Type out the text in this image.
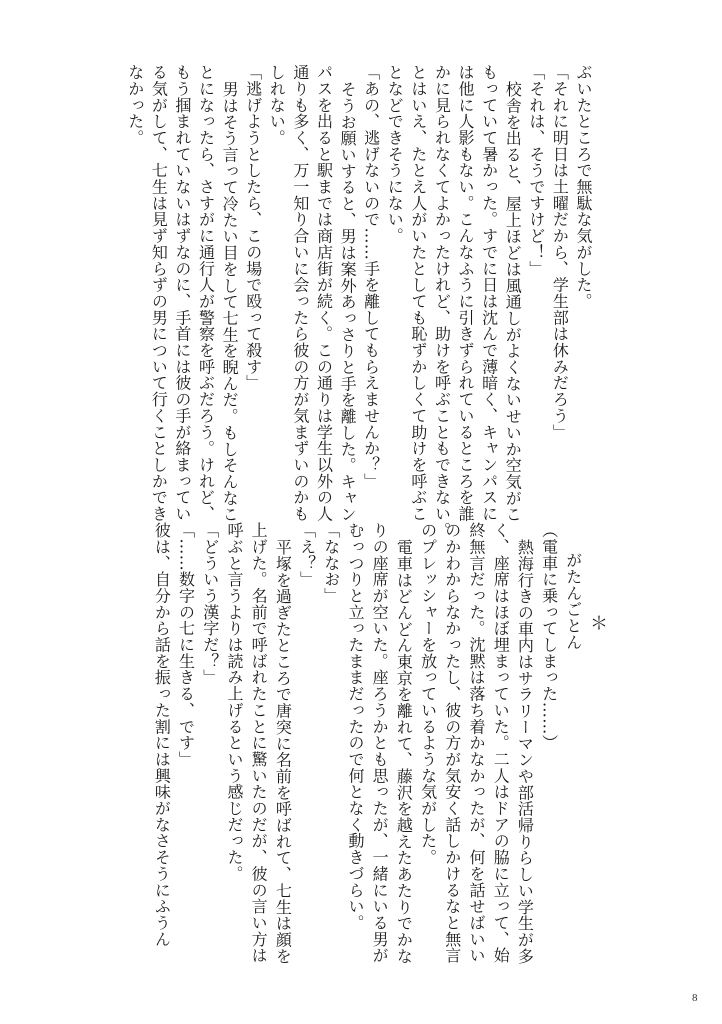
ぶいたところで無駄な気がした。
「それに明日は土曜だから、学生部は休みだろう」
「それは、そうですけど！」
校舎を出ると、屋上ほどは風通しがよくないせいか空気がこ
もっていて暑かった。すでに日は沈んで薄暗く、キャンパスに
は他に人影もない。こんなふうに引きずられているところを誰
かに見られなくてよかったけれど、助けを呼ぶこともできない。
とはいえ、たとえ人がいたとしても恥ずかしくて助けを呼ぶこ
となどできそうにない。
「あの、逃げないので……手を離してもらえませんか？」
そうお願いすると、男は案外あっさりと手を離した。キャン
パスを出ると駅までは商店街が続く。この通りは学生以外の人
通りも多く、万一知り合いに会ったら彼の方が気まずいのかも
しれない。
「逃げようとしたら、この場で殴って殺す」
男はそう言って冷たい目をして七生を睨んだ。もしそんなこ
とになったら、さすがに通行人が警察を呼ぶだろう。けれど、
もう掴まれていないはずなのに、手首には彼の手が絡まってい
る気がして、七生は見ず知らずの男について行くことしかでき
なかった。
＊
がたんごとん
（電車に乗ってしまった……）
熱海行きの車内はサラリーマンや部活帰りらしい学生が多
く、座席はほぼ埋まっていた。二人はドアの脇に立って、始
終無言だった。沈黙は落ち着かなかったが、何を話せばいい
のかわからなかったし、彼の方が気安く話しかけるなと無言
のプレッシャーを放っているような気がした。
電車はどんどん東京を離れて、藤沢を越えたあたりでかな
りの座席が空いた。座ろうかとも思ったが、一緒にいる男が
むっつりと立ったままだったので何となく動きづらい。
「ななお」
「え？」
平塚を過ぎたところで唐突に名前を呼ばれて、七生は顔を
上げた。名前で呼ばれたことに驚いたのだが、彼の言い方は
呼ぶと言うよりは読み上げるという感じだった。
「どういう漢字だ？」
「……数字の七に生きる、です」
彼は、自分から話を振った割には興味がなさそうにふうん
8
